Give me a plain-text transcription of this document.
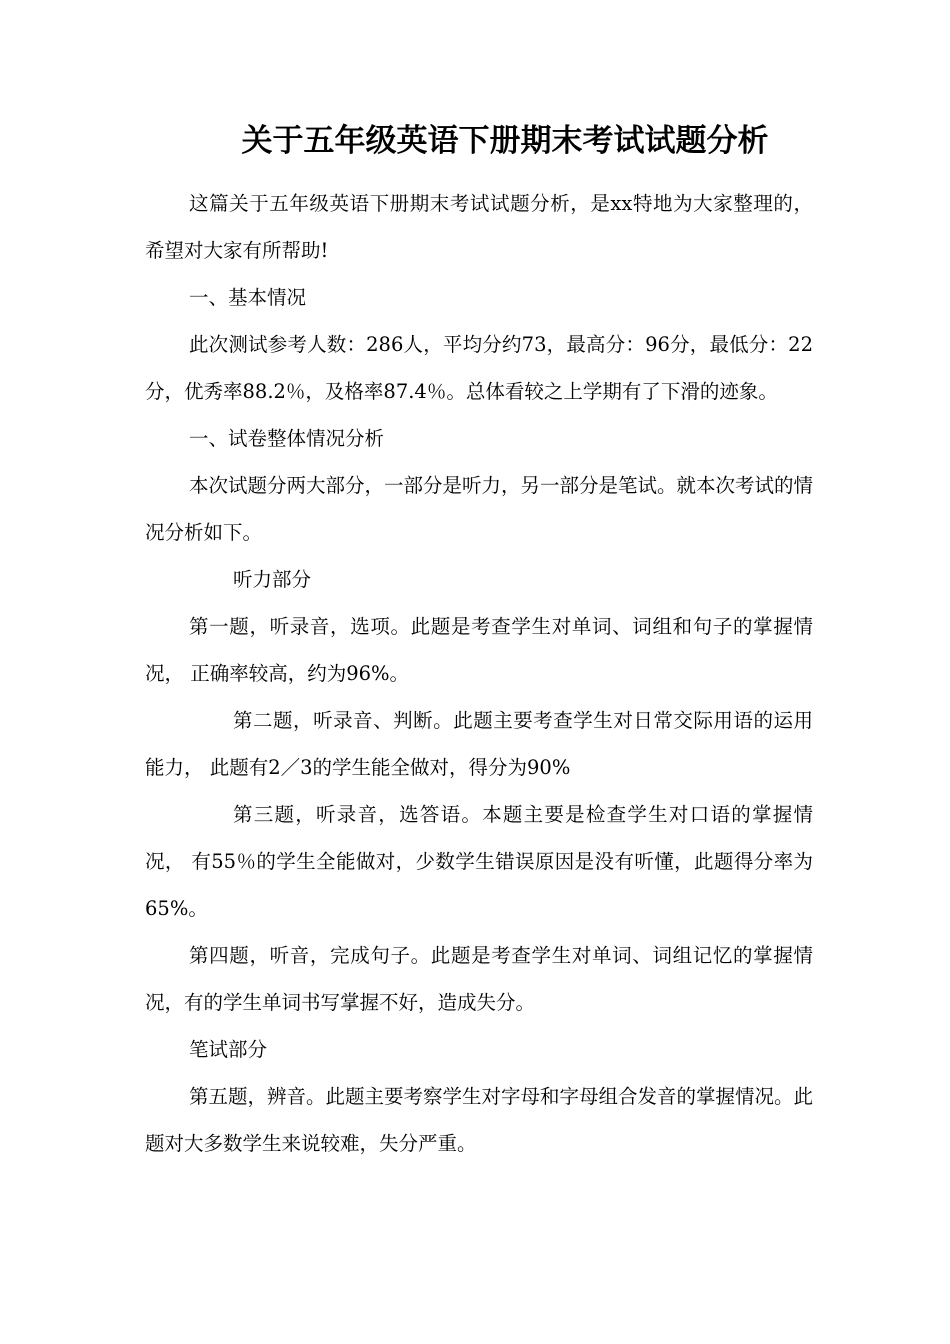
关于五年级英语下册期末考试试题分析

这篇关于五年级英语下册期末考试试题分析，是xx特地为大家整理的，希望对大家有所帮助!

一、基本情况

此次测试参考人数：286人，平均分约73，最高分：96分，最低分：22分，优秀率88.2％，及格率87.4％。总体看较之上学期有了下滑的迹象。

一、试卷整体情况分析

本次试题分两大部分，一部分是听力，另一部分是笔试。就本次考试的情况分析如下。

听力部分

第一题，听录音，选项。此题是考查学生对单词、词组和句子的掌握情况， 正确率较高，约为96%。

第二题，听录音、判断。此题主要考查学生对日常交际用语的运用能力， 此题有2／3的学生能全做对，得分为90%

第三题，听录音，选答语。本题主要是检查学生对口语的掌握情况， 有55％的学生全能做对，少数学生错误原因是没有听懂，此题得分率为65%。

第四题，听音，完成句子。此题是考查学生对单词、词组记忆的掌握情况，有的学生单词书写掌握不好，造成失分。

笔试部分

第五题，辨音。此题主要考察学生对字母和字母组合发音的掌握情况。此题对大多数学生来说较难，失分严重。
